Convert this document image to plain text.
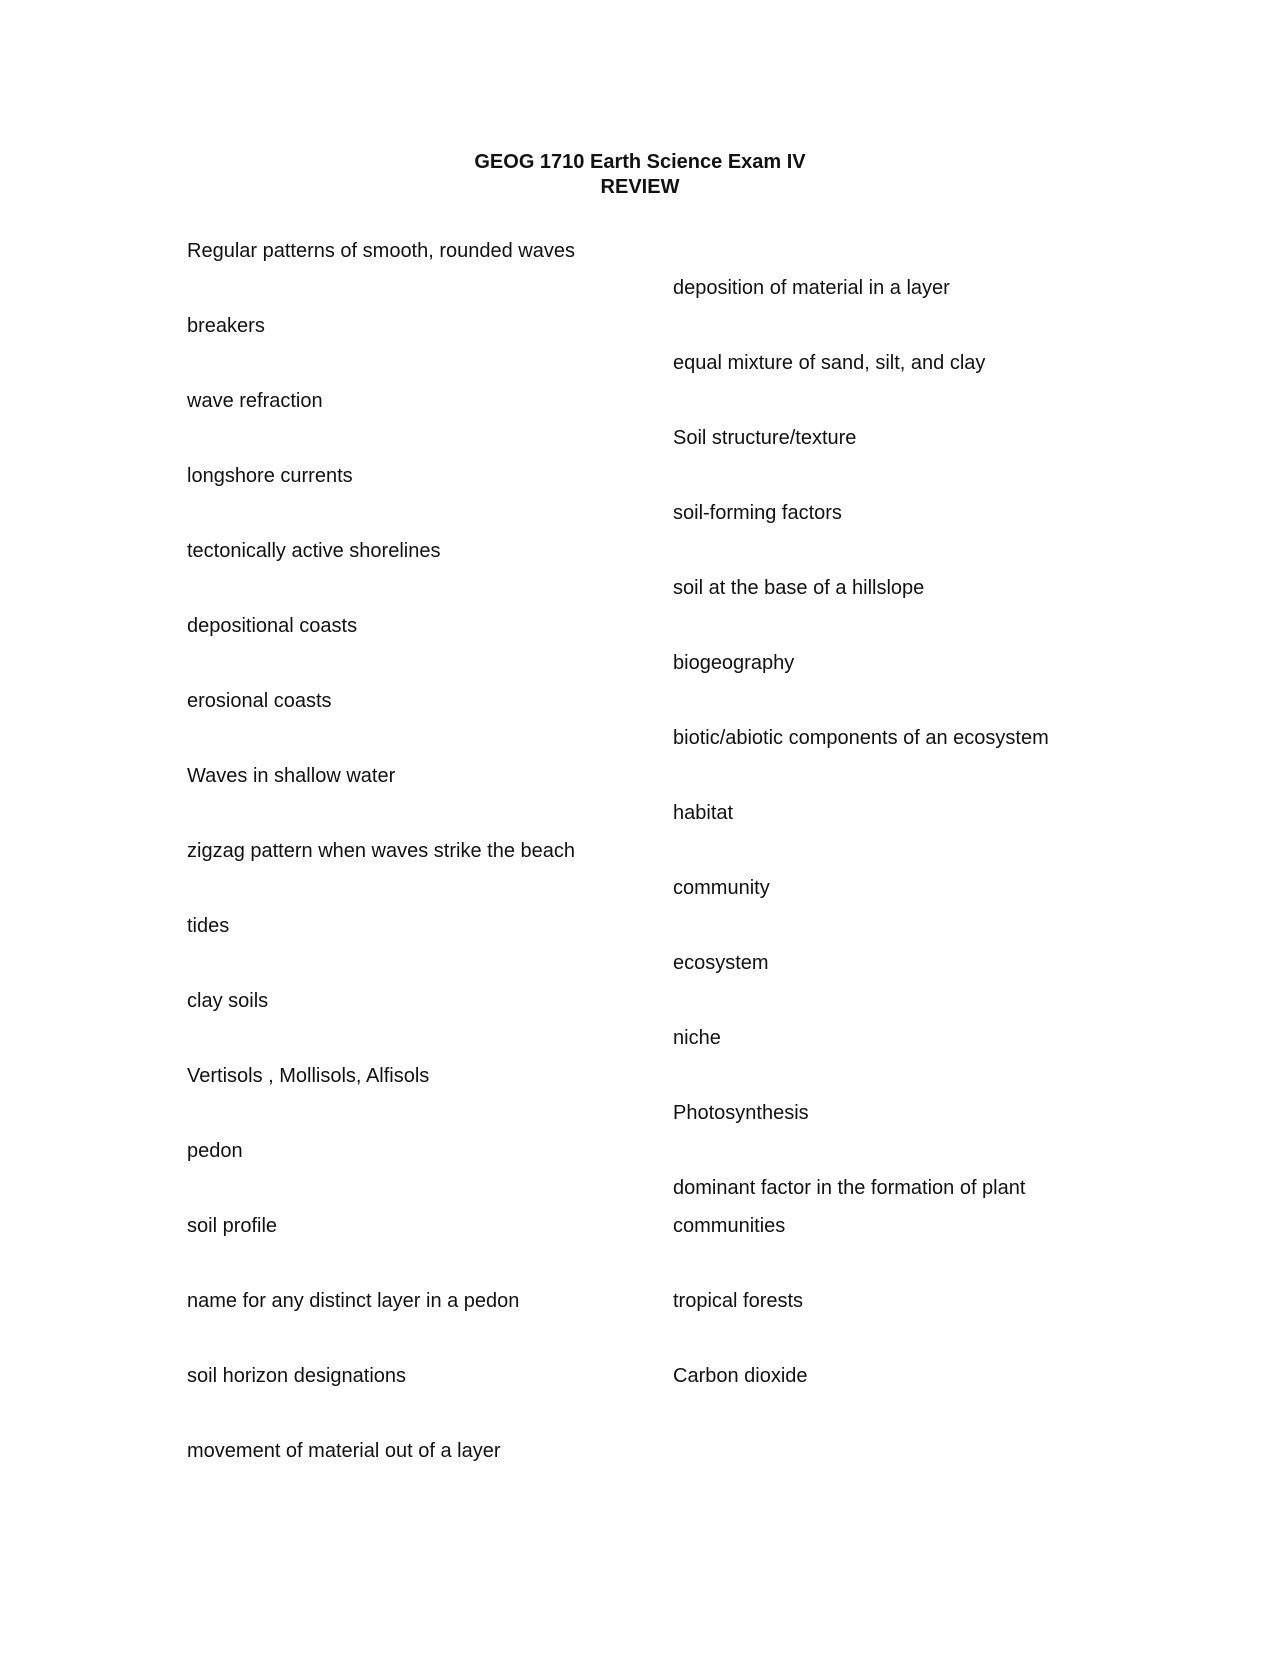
GEOG 1710 Earth Science Exam IV
REVIEW
Regular patterns of smooth, rounded waves
breakers
wave refraction
longshore currents
tectonically active shorelines
depositional coasts
erosional coasts
Waves in shallow water
zigzag pattern when waves strike the beach
tides
clay soils
Vertisols , Mollisols, Alfisols
pedon
soil profile
name for any distinct layer in a pedon
soil horizon designations
movement of material out of a layer
deposition of material in a layer
equal mixture of sand, silt, and clay
Soil structure/texture
soil-forming factors
soil at the base of a hillslope
biogeography
biotic/abiotic components of an ecosystem
habitat
community
ecosystem
niche
Photosynthesis
dominant factor in the formation of plant
communities
tropical forests
Carbon dioxide
